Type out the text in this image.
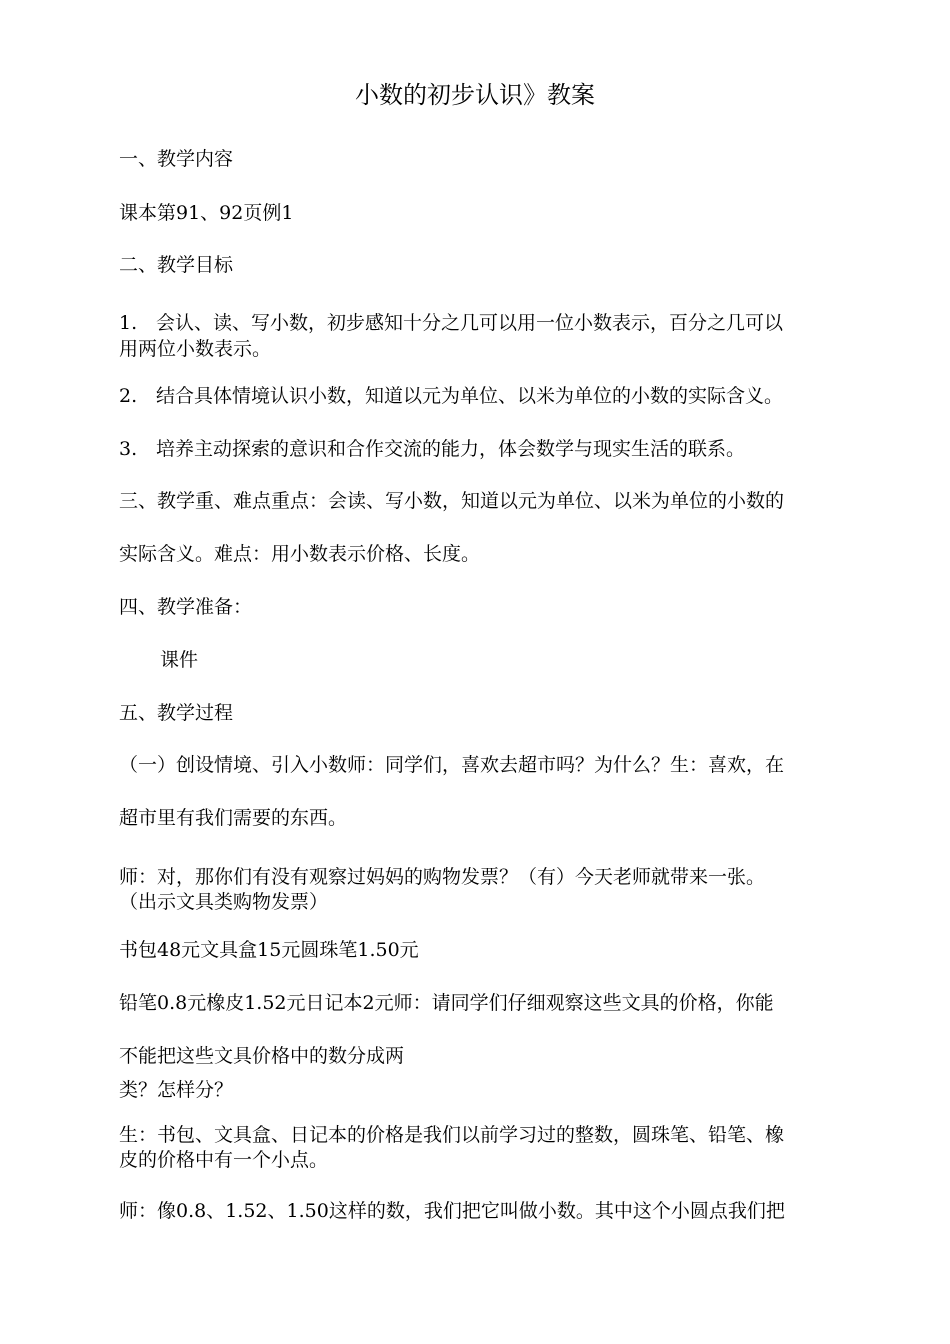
小数的初步认识》教案
一、教学内容
课本第91、92页例1
二、教学目标
1. 会认、读、写小数，初步感知十分之几可以用一位小数表示，百分之几可以
用两位小数表示。
2. 结合具体情境认识小数，知道以元为单位、以米为单位的小数的实际含义。
3. 培养主动探索的意识和合作交流的能力，体会数学与现实生活的联系。
三、教学重、难点重点：会读、写小数，知道以元为单位、以米为单位的小数的
实际含义。难点：用小数表示价格、长度。
四、教学准备：
课件
五、教学过程
（一）创设情境、引入小数师：同学们，喜欢去超市吗？为什么？生：喜欢，在
超市里有我们需要的东西。
师：对，那你们有没有观察过妈妈的购物发票？（有）今天老师就带来一张。
（出示文具类购物发票）
书包48元文具盒15元圆珠笔1.50元
铅笔0.8元橡皮1.52元日记本2元师：请同学们仔细观察这些文具的价格，你能
不能把这些文具价格中的数分成两
类？怎样分？
生：书包、文具盒、日记本的价格是我们以前学习过的整数，圆珠笔、铅笔、橡
皮的价格中有一个小点。
师：像0.8、1.52、1.50这样的数，我们把它叫做小数。其中这个小圆点我们把
